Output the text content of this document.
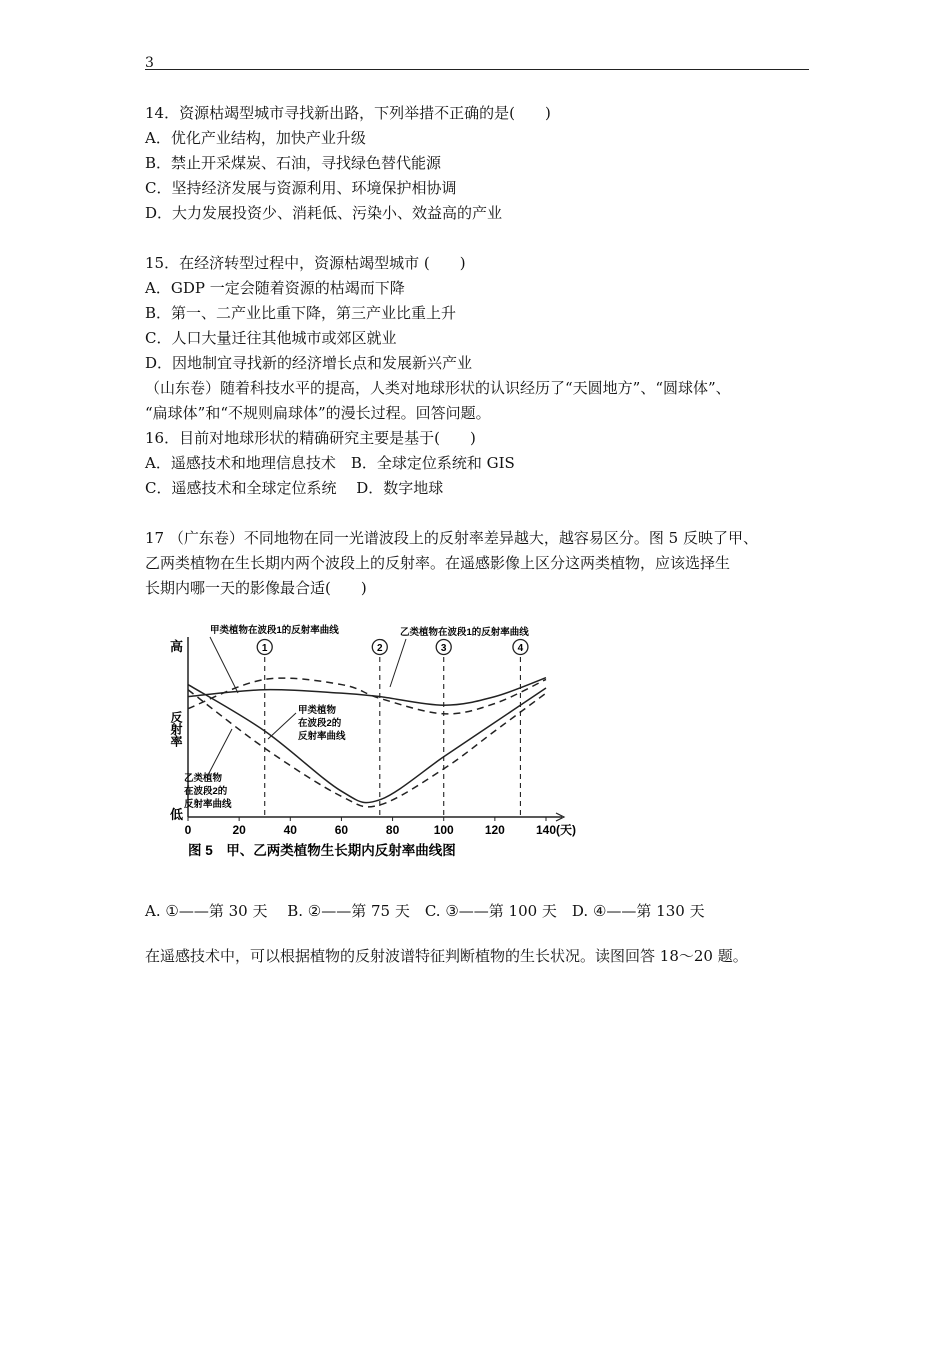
3
14．资源枯竭型城市寻找新出路，下列举措不正确的是(　　)
A．优化产业结构，加快产业升级
B．禁止开采煤炭、石油，寻找绿色替代能源
C．坚持经济发展与资源利用、环境保护相协调
D．大力发展投资少、消耗低、污染小、效益高的产业
15．在经济转型过程中，资源枯竭型城市 (　　)
A．GDP 一定会随着资源的枯竭而下降
B．第一、二产业比重下降，第三产业比重上升
C．人口大量迁往其他城市或郊区就业
D．因地制宜寻找新的经济增长点和发展新兴产业
（山东卷）随着科技水平的提高，人类对地球形状的认识经历了“天圆地方”、“圆球体”、
“扁球体”和“不规则扁球体”的漫长过程。回答问题。
16．目前对地球形状的精确研究主要是基于(　　)
A．遥感技术和地理信息技术　B．全球定位系统和 GIS
C．遥感技术和全球定位系统　 D．数字地球
17 （广东卷）不同地物在同一光谱波段上的反射率差异越大，越容易区分。图 5 反映了甲、
乙两类植物在生长期内两个波段上的反射率。在遥感影像上区分这两类植物，应该选择生
长期内哪一天的影像最合适(　　)
高
低
反射率
0	20	40	60	80	100	120	140 (天)
1	2	3	4
甲类植物在波段1的反射率曲线	乙类植物在波段1的反射率曲线
甲类植物
在波段2的
反射率曲线
乙类植物
在波段2的
反射率曲线
图 5　甲、乙两类植物生长期内反射率曲线图
A. ①——第 30 天　 B. ②——第 75 天　C. ③——第 100 天　D. ④——第 130 天
在遥感技术中，可以根据植物的反射波谱特征判断植物的生长状况。读图回答 18～20 题。
